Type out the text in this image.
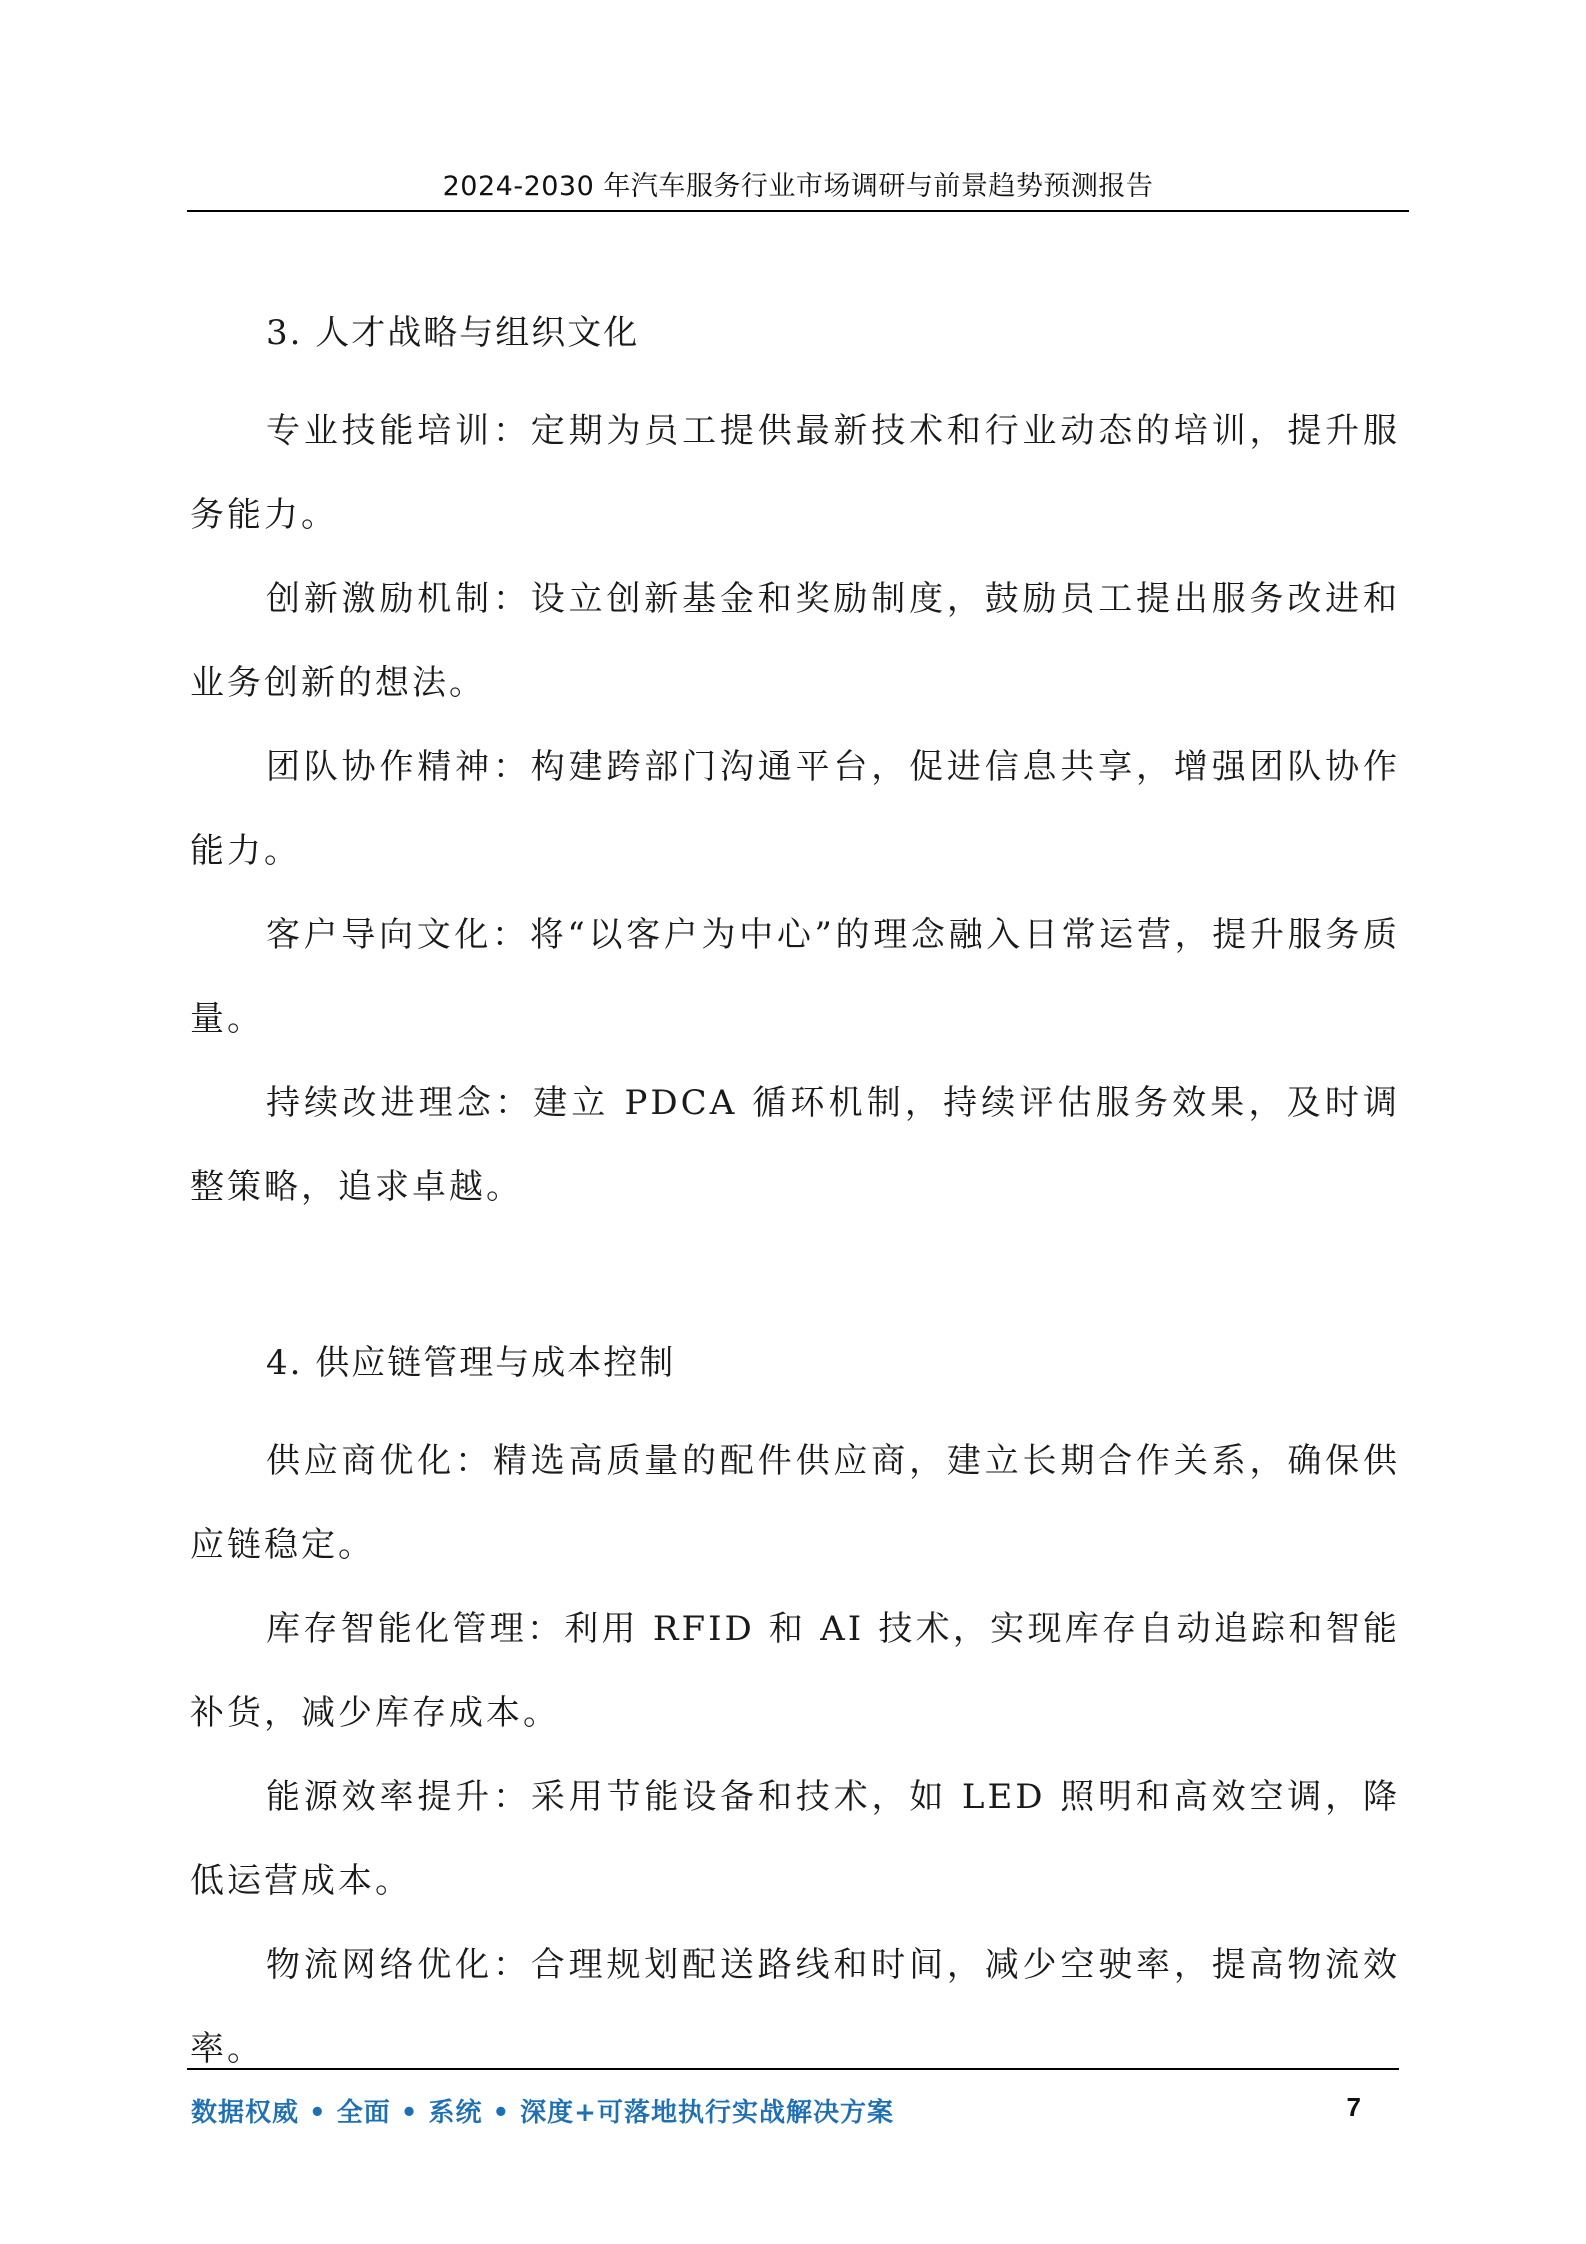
2024-2030 年汽车服务行业市场调研与前景趋势预测报告

3. 人才战略与组织文化

专业技能培训：定期为员工提供最新技术和行业动态的培训，提升服务能力。

创新激励机制：设立创新基金和奖励制度，鼓励员工提出服务改进和业务创新的想法。

团队协作精神：构建跨部门沟通平台，促进信息共享，增强团队协作能力。

客户导向文化：将“以客户为中心”的理念融入日常运营，提升服务质量。

持续改进理念：建立 PDCA 循环机制，持续评估服务效果，及时调整策略，追求卓越。

4. 供应链管理与成本控制

供应商优化：精选高质量的配件供应商，建立长期合作关系，确保供应链稳定。

库存智能化管理：利用 RFID 和 AI 技术，实现库存自动追踪和智能补货，减少库存成本。

能源效率提升：采用节能设备和技术，如 LED 照明和高效空调，降低运营成本。

物流网络优化：合理规划配送路线和时间，减少空驶率，提高物流效率。

数据权威 • 全面 • 系统 • 深度+可落地执行实战解决方案	7
